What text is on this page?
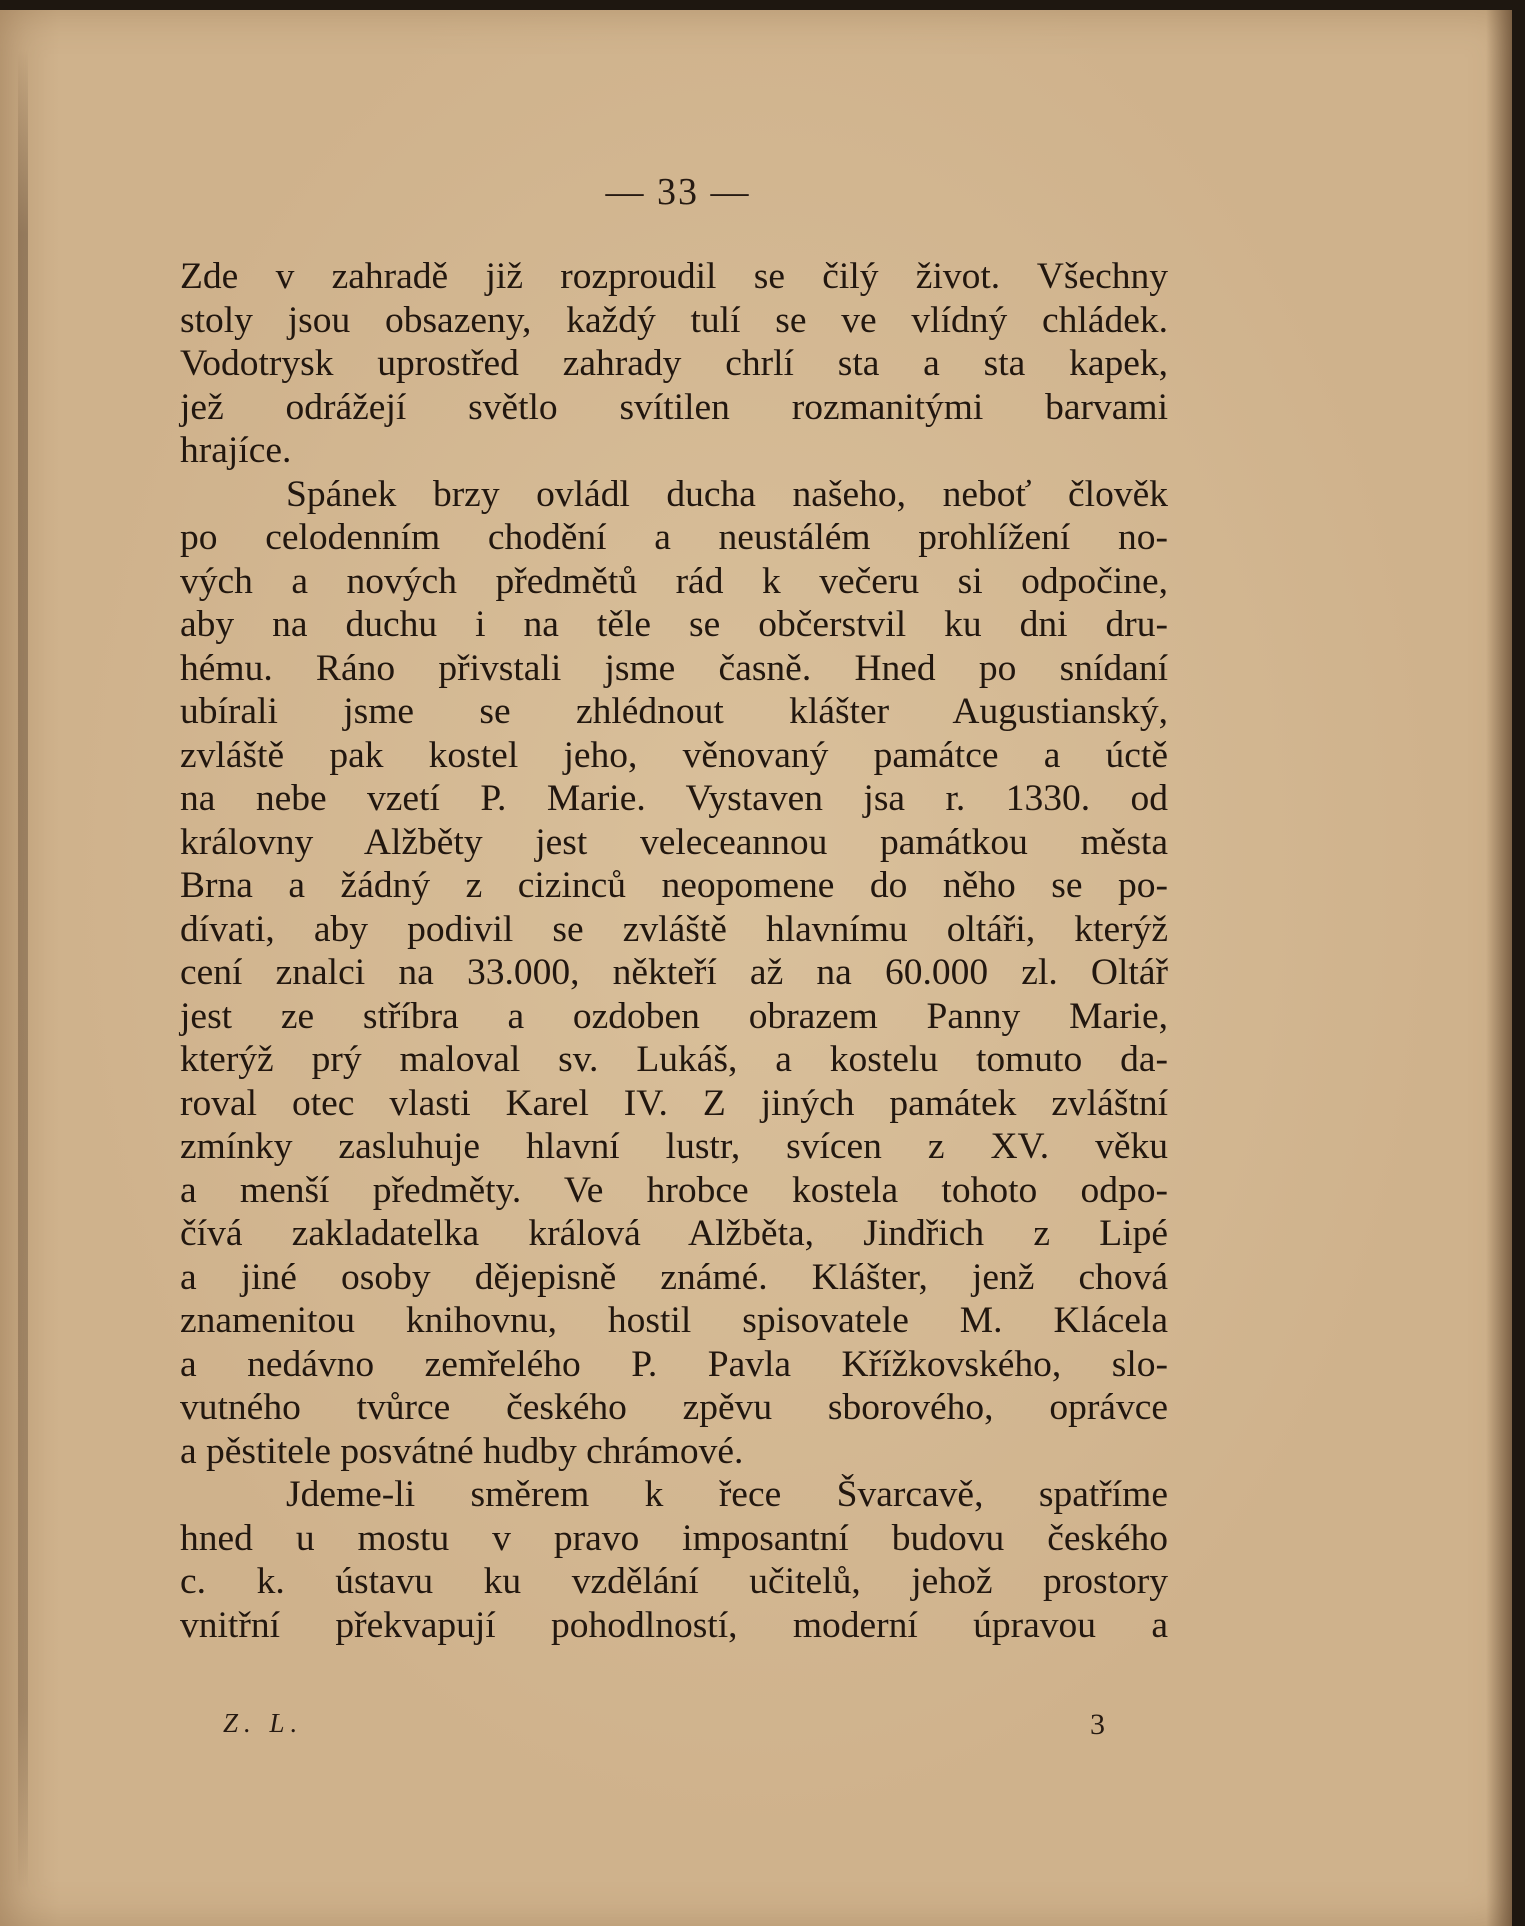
— 33 —
Zde v zahradě již rozproudil se čilý život. Všechny
stoly jsou obsazeny, každý tulí se ve vlídný chládek.
Vodotrysk uprostřed zahrady chrlí sta a sta kapek,
jež odrážejí světlo svítilen rozmanitými barvami
hrajíce.
Spánek brzy ovládl ducha našeho, neboť člověk
po celodenním chodění a neustálém prohlížení no-
vých a nových předmětů rád k večeru si odpočine,
aby na duchu i na těle se občerstvil ku dni dru-
hému. Ráno přivstali jsme časně. Hned po snídaní
ubírali jsme se zhlédnout klášter Augustianský,
zvláště pak kostel jeho, věnovaný památce a úctě
na nebe vzetí P. Marie. Vystaven jsa r. 1330. od
královny Alžběty jest veleceannou památkou města
Brna a žádný z cizinců neopomene do něho se po-
dívati, aby podivil se zvláště hlavnímu oltáři, kterýž
cení znalci na 33.000, někteří až na 60.000 zl. Oltář
jest ze stříbra a ozdoben obrazem Panny Marie,
kterýž prý maloval sv. Lukáš, a kostelu tomuto da-
roval otec vlasti Karel IV. Z jiných památek zvláštní
zmínky zasluhuje hlavní lustr, svícen z XV. věku
a menší předměty. Ve hrobce kostela tohoto odpo-
čívá zakladatelka králová Alžběta, Jindřich z Lipé
a jiné osoby dějepisně známé. Klášter, jenž chová
znamenitou knihovnu, hostil spisovatele M. Klácela
a nedávno zemřelého P. Pavla Křížkovského, slo-
vutného tvůrce českého zpěvu sborového, oprávce
a pěstitele posvátné hudby chrámové.
Jdeme-li směrem k řece Švarcavě, spatříme
hned u mostu v pravo imposantní budovu českého
c. k. ústavu ku vzdělání učitelů, jehož prostory
vnitřní překvapují pohodlností, moderní úpravou a
Z. L.	3
